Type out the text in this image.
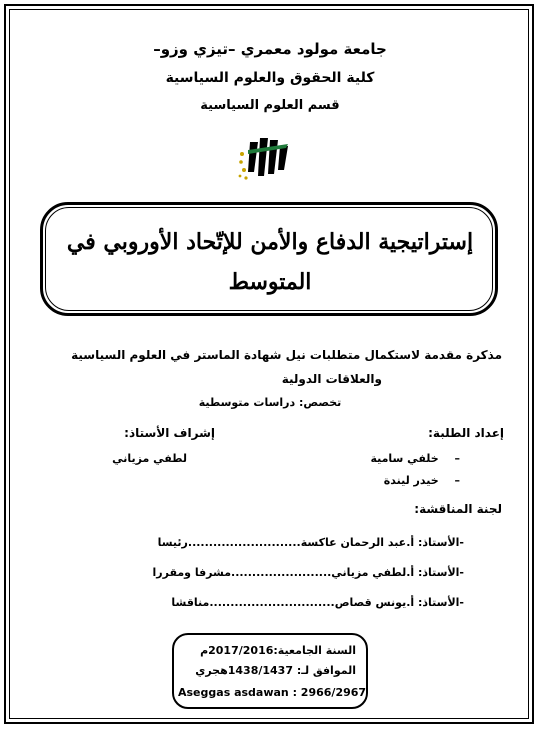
جامعة مولود معمري –تيزي وزو–
كلية الحقوق والعلوم السياسية
قسم العلوم السياسية
إستراتيجية الدفاع والأمن للإتّحاد الأوروبي في
المتوسط
مذكرة مقدمة لاستكمال متطلبات نيل شهادة الماستر في العلوم السياسية
والعلاقات الدولية
تخصص: دراسات متوسطية
إعداد الطلبة:
إشراف الأستاذ:
– خلفي سامية
– خيدر ليندة
لطفي مزياني
لجنة المناقشة:
-الأستاذ: أ.عبد الرحمان عاكسة...........................رئيسا
-الأستاذ: أ.لطفي مزياني........................مشرفا ومقررا
-الأستاذ: أ.يونس قصاص..............................مناقشا
السنة الجامعية:2017/2016م
الموافق لـ: 1438/1437هجري
Aseggas asdawan : 2966/2967
